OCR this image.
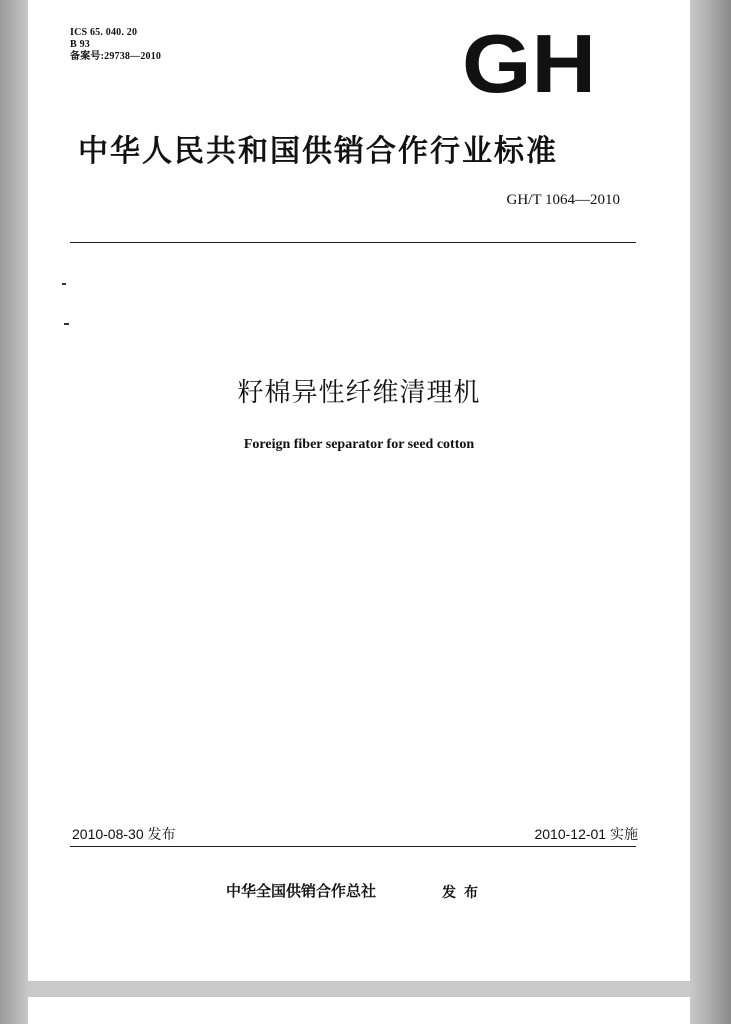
ICS 65. 040. 20
B 93
备案号:29738—2010	GH
中华人民共和国供销合作行业标准
GH/T 1064—2010
籽棉异性纤维清理机
Foreign fiber separator for seed cotton
2010-08-30 发布	2010-12-01 实施
中华全国供销合作总社	发布
